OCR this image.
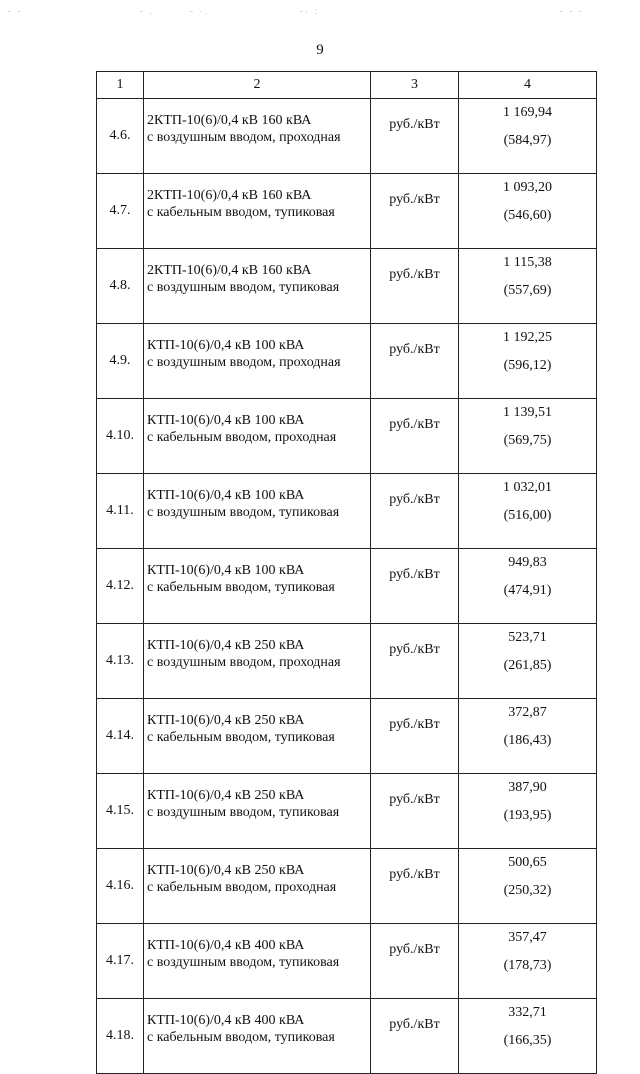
- -	- .	- ·.	-· :	- - -
9
1	2	3	4
4.6.	2КТП-10(6)/0,4 кВ 160 кВА
с воздушным вводом, проходная	руб./кВт	1 169,94
(584,97)

4.7.	2КТП-10(6)/0,4 кВ 160 кВА
с кабельным вводом, тупиковая	руб./кВт	1 093,20
(546,60)

4.8.	2КТП-10(6)/0,4 кВ 160 кВА
с воздушным вводом, тупиковая	руб./кВт	1 115,38
(557,69)

4.9.	КТП-10(6)/0,4 кВ 100 кВА
с воздушным вводом, проходная	руб./кВт	1 192,25
(596,12)

4.10.	КТП-10(6)/0,4 кВ 100 кВА
с кабельным вводом, проходная	руб./кВт	1 139,51
(569,75)

4.11.	КТП-10(6)/0,4 кВ 100 кВА
с воздушным вводом, тупиковая	руб./кВт	1 032,01
(516,00)

4.12.	КТП-10(6)/0,4 кВ 100 кВА
с кабельным вводом, тупиковая	руб./кВт	949,83
(474,91)

4.13.	КТП-10(6)/0,4 кВ 250 кВА
с воздушным вводом, проходная	руб./кВт	523,71
(261,85)

4.14.	КТП-10(6)/0,4 кВ 250 кВА
с кабельным вводом, тупиковая	руб./кВт	372,87
(186,43)

4.15.	КТП-10(6)/0,4 кВ 250 кВА
с воздушным вводом, тупиковая	руб./кВт	387,90
(193,95)

4.16.	КТП-10(6)/0,4 кВ 250 кВА
с кабельным вводом, проходная	руб./кВт	500,65
(250,32)

4.17.	КТП-10(6)/0,4 кВ 400 кВА
с воздушным вводом, тупиковая	руб./кВт	357,47
(178,73)

4.18.	КТП-10(6)/0,4 кВ 400 кВА
с кабельным вводом, тупиковая	руб./кВт	332,71
(166,35)
